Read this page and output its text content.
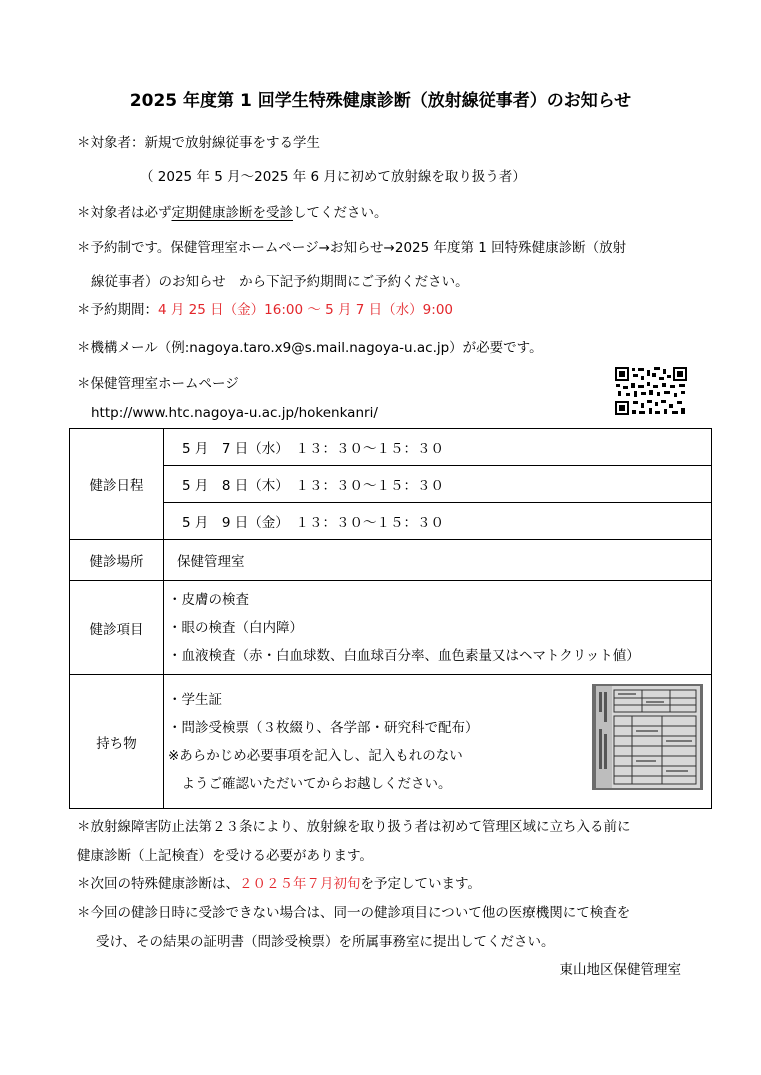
2025 年度第 1 回学生特殊健康診断（放射線従事者）のお知らせ
＊対象者：新規で放射線従事をする学生
（ 2025 年 5 月～2025 年 6 月に初めて放射線を取り扱う者）
＊対象者は必ず定期健康診断を受診してください。
＊予約制です。保健管理室ホームページ→お知らせ→2025 年度第 1 回特殊健康診断（放射
線従事者）のお知らせ　から下記予約期間にご予約ください。
＊予約期間：4 月 25 日（金）16:00 ～ 5 月 7 日（水）9:00
＊機構メール（例:nagoya.taro.x9@s.mail.nagoya-u.ac.jp）が必要です。
＊保健管理室ホームページ
http://www.htc.nagoya-u.ac.jp/hokenkanri/
健診日程	5 月　7 日（水）　１３：３０～１５：３０
	5 月　8 日（木）　１３：３０～１５：３０
	5 月　9 日（金）　１３：３０～１５：３０
健診場所	保健管理室
健診項目	・皮膚の検査
・眼の検査（白内障）
・血液検査（赤・白血球数、白血球百分率、血色素量又はヘマトクリット値）

持ち物	・学生証
・問診受検票（３枚綴り、各学部・研究科で配布）
※あらかじめ必要事項を記入し、記入もれのない
　ようご確認いただいてからお越しください。
＊放射線障害防止法第２３条により、放射線を取り扱う者は初めて管理区域に立ち入る前に
健康診断（上記検査）を受ける必要があります。
＊次回の特殊健康診断は、２０２５年７月初旬を予定しています。
＊今回の健診日時に受診できない場合は、同一の健診項目について他の医療機関にて検査を
受け、その結果の証明書（問診受検票）を所属事務室に提出してください。
東山地区保健管理室
